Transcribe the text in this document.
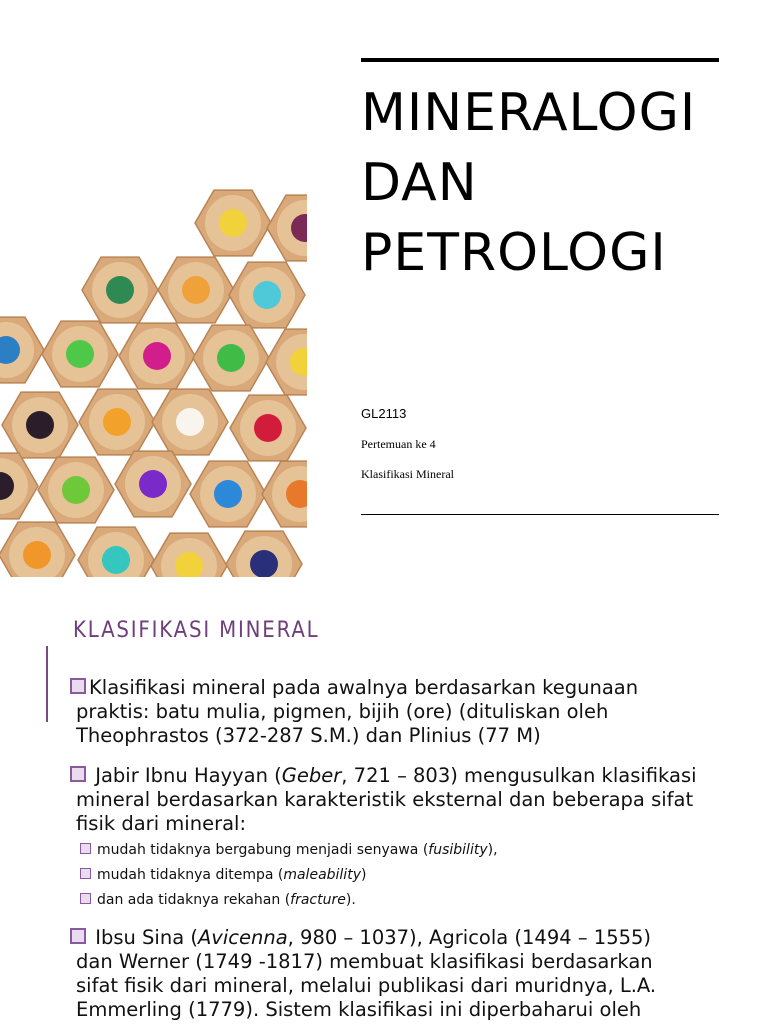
MINERALOGI
DAN
PETROLOGI
GL2113
Pertemuan ke 4
Klasifikasi Mineral
KLASIFIKASI MINERAL
Klasifikasi mineral pada awalnya berdasarkan kegunaan
praktis: batu mulia, pigmen, bijih (ore) (dituliskan oleh
Theophrastos (372-287 S.M.) dan Plinius (77 M)
Jabir Ibnu Hayyan (Geber, 721 – 803) mengusulkan klasifikasi
mineral berdasarkan karakteristik eksternal dan beberapa sifat
fisik dari mineral:
mudah tidaknya bergabung menjadi senyawa (fusibility),
mudah tidaknya ditempa (maleability)
dan ada tidaknya rekahan (fracture).
Ibsu Sina (Avicenna, 980 – 1037), Agricola (1494 – 1555)
dan Werner (1749 -1817) membuat klasifikasi berdasarkan
sifat fisik dari mineral, melalui publikasi dari muridnya, L.A.
Emmerling (1779). Sistem klasifikasi ini diperbaharui oleh
